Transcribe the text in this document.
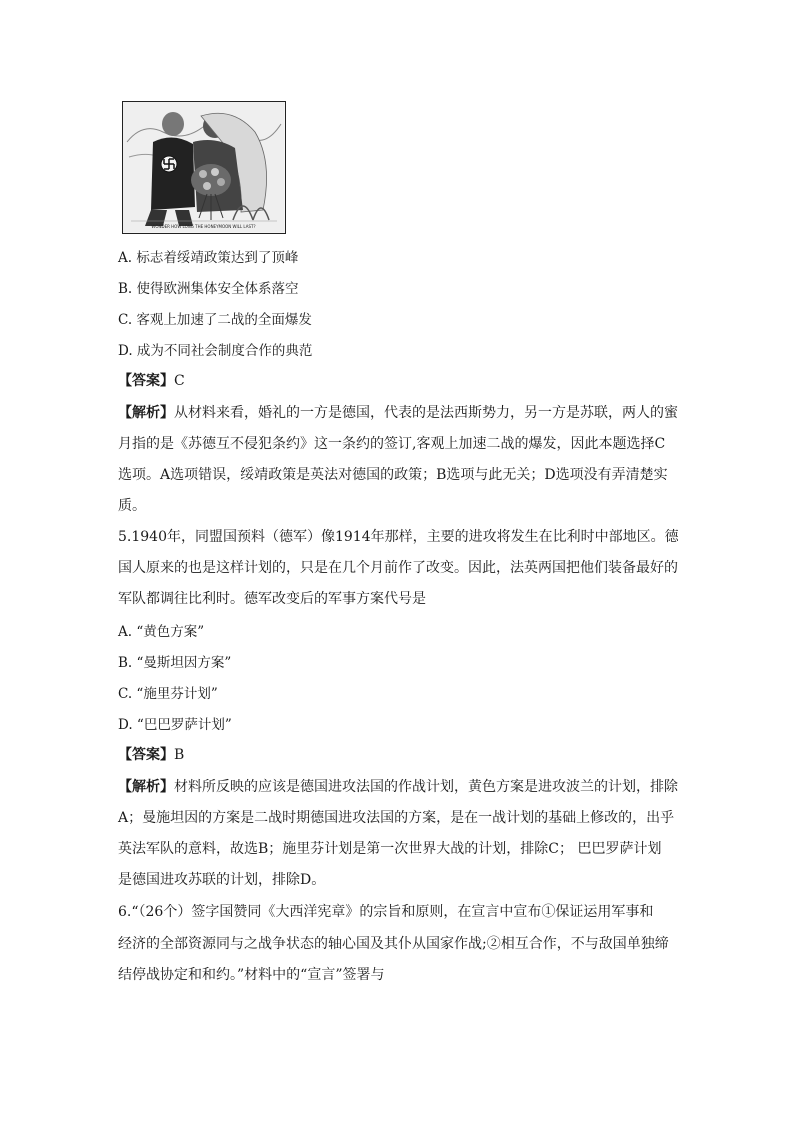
WONDER HOW LONG THE HONEYMOON WILL LAST?
A. 标志着绥靖政策达到了顶峰
B. 使得欧洲集体安全体系落空
C. 客观上加速了二战的全面爆发
D. 成为不同社会制度合作的典范
【答案】C
【解析】从材料来看，婚礼的一方是德国，代表的是法西斯势力，另一方是苏联，两人的蜜
月指的是《苏德互不侵犯条约》这一条约的签订,客观上加速二战的爆发，因此本题选择C
选项。A选项错误，绥靖政策是英法对德国的政策；B选项与此无关；D选项没有弄清楚实
质。
5.1940年，同盟国预料（德军）像1914年那样，主要的进攻将发生在比利时中部地区。德
国人原来的也是这样计划的，只是在几个月前作了改变。因此，法英两国把他们装备最好的
军队都调往比利时。德军改变后的军事方案代号是
A. “黄色方案”
B. “曼斯坦因方案”
C. “施里芬计划”
D. “巴巴罗萨计划”
【答案】B
【解析】材料所反映的应该是德国进攻法国的作战计划，黄色方案是进攻波兰的计划，排除
A；曼施坦因的方案是二战时期德国进攻法国的方案，是在一战计划的基础上修改的，出乎
英法军队的意料，故选B；施里芬计划是第一次世界大战的计划，排除C； 巴巴罗萨计划
是德国进攻苏联的计划，排除D。
6.“（26个）签字国赞同《大西洋宪章》的宗旨和原则，在宣言中宣布①保证运用军事和
经济的全部资源同与之战争状态的轴心国及其仆从国家作战;②相互合作，不与敌国单独缔
结停战协定和和约。”材料中的“宣言”签署与
